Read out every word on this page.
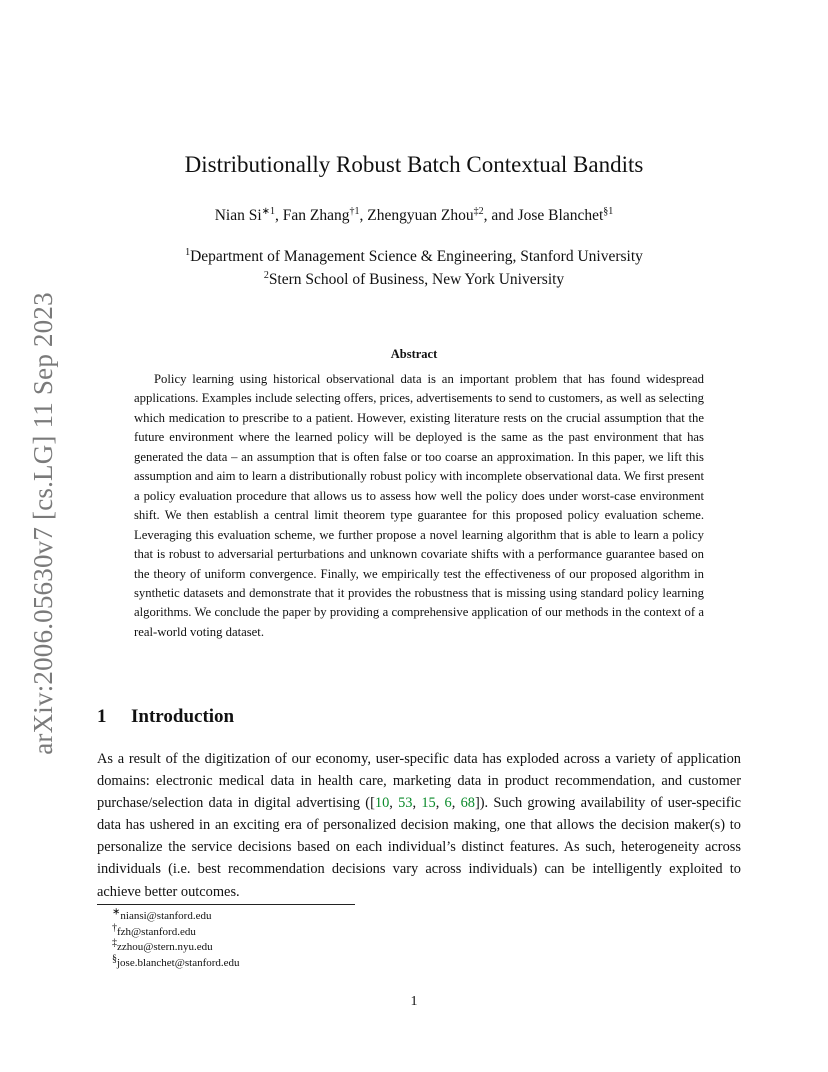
arXiv:2006.05630v7 [cs.LG] 11 Sep 2023
Distributionally Robust Batch Contextual Bandits
Nian $Si^{∗1}$, Fan Zhang$^{\dagger 1}$, Zhengyuan Zhou$^{\ddagger 2}$, and Jose Blanchet$^{\S 1}$
$^1$Department of Management Science & Engineering, Stanford University
$^2$Stern School of Business, New York University
Abstract

Policy learning using historical observational data is an important problem that has found widespread applications. Examples include selecting offers, prices, advertisements to send to customers, as well as selecting which medication to prescribe to a patient. However, existing literature rests on the crucial assumption that the future environment where the learned policy will be deployed is the same as the past environment that has generated the data – an assumption that is often false or too coarse an approximation. In this paper, we lift this assumption and aim to learn a distributionally robust policy with incomplete observational data. We first present a policy evaluation procedure that allows us to assess how well the policy does under worst-case environment shift. We then establish a central limit theorem type guarantee for this proposed policy evaluation scheme. Leveraging this evaluation scheme, we further propose a novel learning algorithm that is able to learn a policy that is robust to adversarial perturbations and unknown covariate shifts with a performance guarantee based on the theory of uniform convergence. Finally, we empirically test the effectiveness of our proposed algorithm in synthetic datasets and demonstrate that it provides the robustness that is missing using standard policy learning algorithms. We conclude the paper by providing a comprehensive application of our methods in the context of a real-world voting dataset.

1 Introduction

As a result of the digitization of our economy, user-specific data has exploded across a variety of application domains: electronic medical data in health care, marketing data in product recommendation, and customer purchase/selection data in digital advertising ([10, 53, 15, 6, 68]). Such growing availability of user-specific data has ushered in an exciting era of personalized decision making, one that allows the decision maker(s) to personalize the service decisions based on each individual’s distinct features. As such, heterogeneity across individuals (i.e. best recommendation decisions vary across individuals) can be intelligently exploited to achieve better outcomes.

∗niansi@stanford.edu
†fzh@stanford.edu
‡zzhou@stern.nyu.edu
§jose.blanchet@stanford.edu
1
